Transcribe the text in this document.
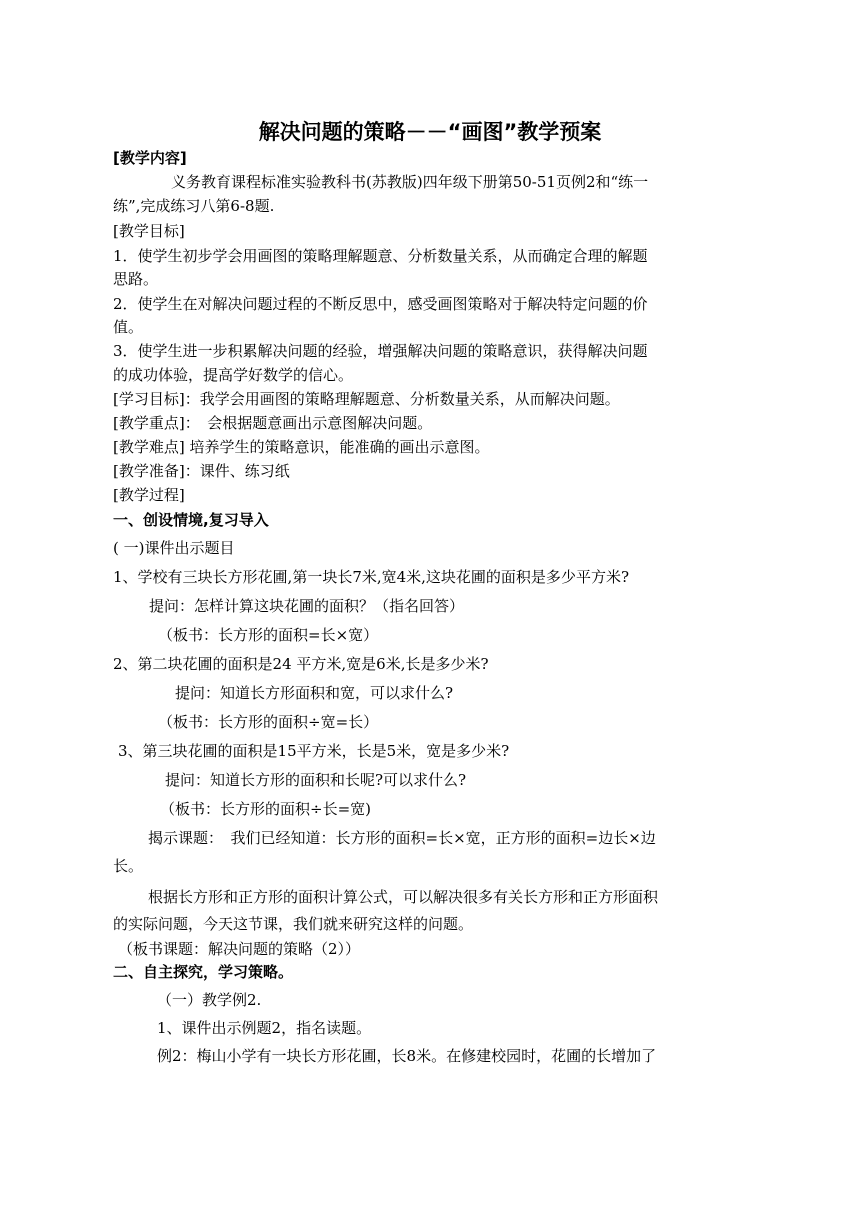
解决问题的策略－－“画图”教学预案
[教学内容]
义务教育课程标准实验教科书(苏教版)四年级下册第50-51页例2和“练一
练”,完成练习八第6-8题.
[教学目标]
1．使学生初步学会用画图的策略理解题意、分析数量关系，从而确定合理的解题
思路。
2．使学生在对解决问题过程的不断反思中，感受画图策略对于解决特定问题的价
值。
3．使学生进一步积累解决问题的经验，增强解决问题的策略意识，获得解决问题
的成功体验，提高学好数学的信心。
[学习目标]：我学会用画图的策略理解题意、分析数量关系，从而解决问题。
[教学重点]：　会根据题意画出示意图解决问题。
[教学难点] 培养学生的策略意识，能准确的画出示意图。
[教学准备]：课件、练习纸
[教学过程]
一、创设情境,复习导入
( 一)课件出示题目
1、学校有三块长方形花圃,第一块长7米,宽4米,这块花圃的面积是多少平方米?
提问：怎样计算这块花圃的面积？（指名回答）
（板书：长方形的面积=长×宽）
2、第二块花圃的面积是24 平方米,宽是6米,长是多少米?
提问：知道长方形面积和宽，可以求什么?
（板书：长方形的面积÷宽=长）
3、第三块花圃的面积是15平方米，长是5米，宽是多少米?
提问：知道长方形的面积和长呢?可以求什么?
（板书：长方形的面积÷长=宽)
揭示课题：　我们已经知道：长方形的面积=长×宽，正方形的面积=边长×边
长。
根据长方形和正方形的面积计算公式，可以解决很多有关长方形和正方形面积
的实际问题，今天这节课，我们就来研究这样的问题。
（板书课题：解决问题的策略（2））
二、自主探究，学习策略。
（一）教学例2.
1、课件出示例题2，指名读题。
例2：梅山小学有一块长方形花圃，长8米。在修建校园时，花圃的长增加了
